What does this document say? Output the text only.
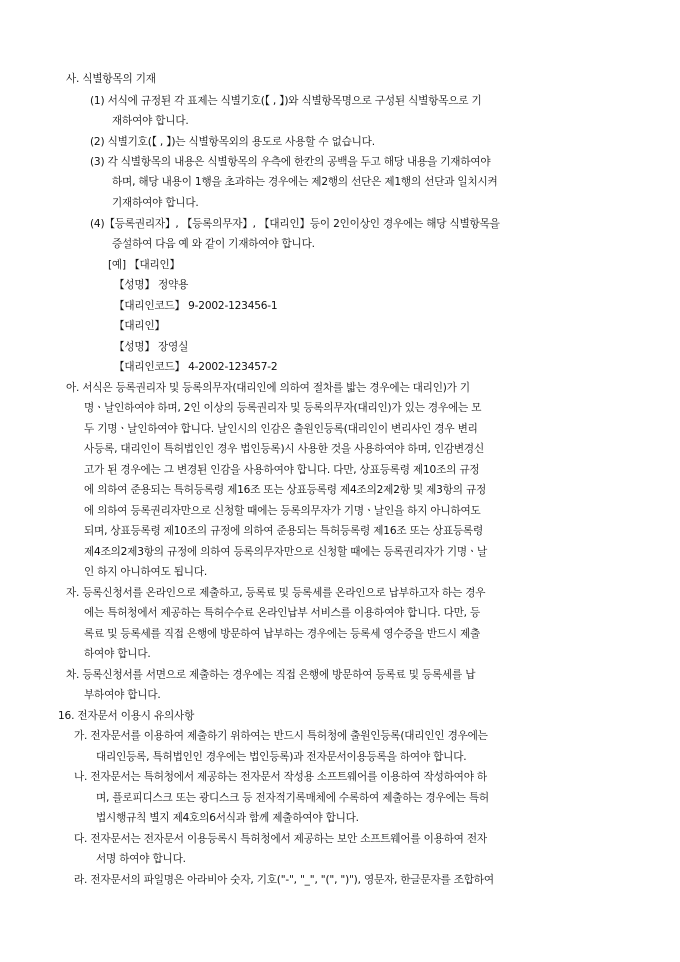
사. 식별항목의 기재
(1) 서식에 규정된 각 표제는 식별기호(【 , 】)와 식별항목명으로 구성된 식별항목으로 기
재하여야 합니다.
(2) 식별기호(【 , 】)는 식별항목외의 용도로 사용할 수 없습니다.
(3) 각 식별항목의 내용은 식별항목의 우측에 한칸의 공백을 두고 해당 내용을 기재하여야
하며, 해당 내용이 1행을 초과하는 경우에는 제2행의 선단은 제1행의 선단과 일치시켜
기재하여야 합니다.
(4)【등록권리자】, 【등록의무자】, 【대리인】등이 2인이상인 경우에는 해당 식별항목을
증설하여 다음 예 와 같이 기재하여야 합니다.
[예] 【대리인】
【성명】 정약용
【대리인코드】 9-2002-123456-1
【대리인】
【성명】 장영실
【대리인코드】 4-2002-123457-2
아. 서식은 등록권리자 및 등록의무자(대리인에 의하여 절차를 밟는 경우에는 대리인)가 기
명ㆍ날인하여야 하며, 2인 이상의 등록권리자 및 등록의무자(대리인)가 있는 경우에는 모
두 기명ㆍ날인하여야 합니다. 날인시의 인감은 출원인등록(대리인이 변리사인 경우 변리
사등록, 대리인이 특허법인인 경우 법인등록)시 사용한 것을 사용하여야 하며, 인감변경신
고가 된 경우에는 그 변경된 인감을 사용하여야 합니다. 다만, 상표등록령 제10조의 규정
에 의하여 준용되는 특허등록령 제16조 또는 상표등록령 제4조의2제2항 및 제3항의 규정
에 의하여 등록권리자만으로 신청할 때에는 등록의무자가 기명ㆍ날인을 하지 아니하여도
되며, 상표등록령 제10조의 규정에 의하여 준용되는 특허등록령 제16조 또는 상표등록령
제4조의2제3항의 규정에 의하여 등록의무자만으로 신청할 때에는 등록권리자가 기명ㆍ날
인 하지 아니하여도 됩니다.
자. 등록신청서를 온라인으로 제출하고, 등록료 및 등록세를 온라인으로 납부하고자 하는 경우
에는 특허청에서 제공하는 특허수수료 온라인납부 서비스를 이용하여야 합니다. 다만, 등
록료 및 등록세를 직접 은행에 방문하여 납부하는 경우에는 등록세 영수증을 반드시 제출
하여야 합니다.
차. 등록신청서를 서면으로 제출하는 경우에는 직접 은행에 방문하여 등록료 및 등록세를 납
부하여야 합니다.
16. 전자문서 이용시 유의사항
가. 전자문서를 이용하여 제출하기 위하여는 반드시 특허청에 출원인등록(대리인인 경우에는
대리인등록, 특허법인인 경우에는 법인등록)과 전자문서이용등록을 하여야 합니다.
나. 전자문서는 특허청에서 제공하는 전자문서 작성용 소프트웨어를 이용하여 작성하여야 하
며, 플로피디스크 또는 광디스크 등 전자적기록매체에 수록하여 제출하는 경우에는 특허
법시행규칙 별지 제4호의6서식과 함께 제출하여야 합니다.
다. 전자문서는 전자문서 이용등록시 특허청에서 제공하는 보안 소프트웨어를 이용하여 전자
서명 하여야 합니다.
라. 전자문서의 파일명은 아라비아 숫자, 기호("-", "_", "(", ")"), 영문자, 한글문자를 조합하여
